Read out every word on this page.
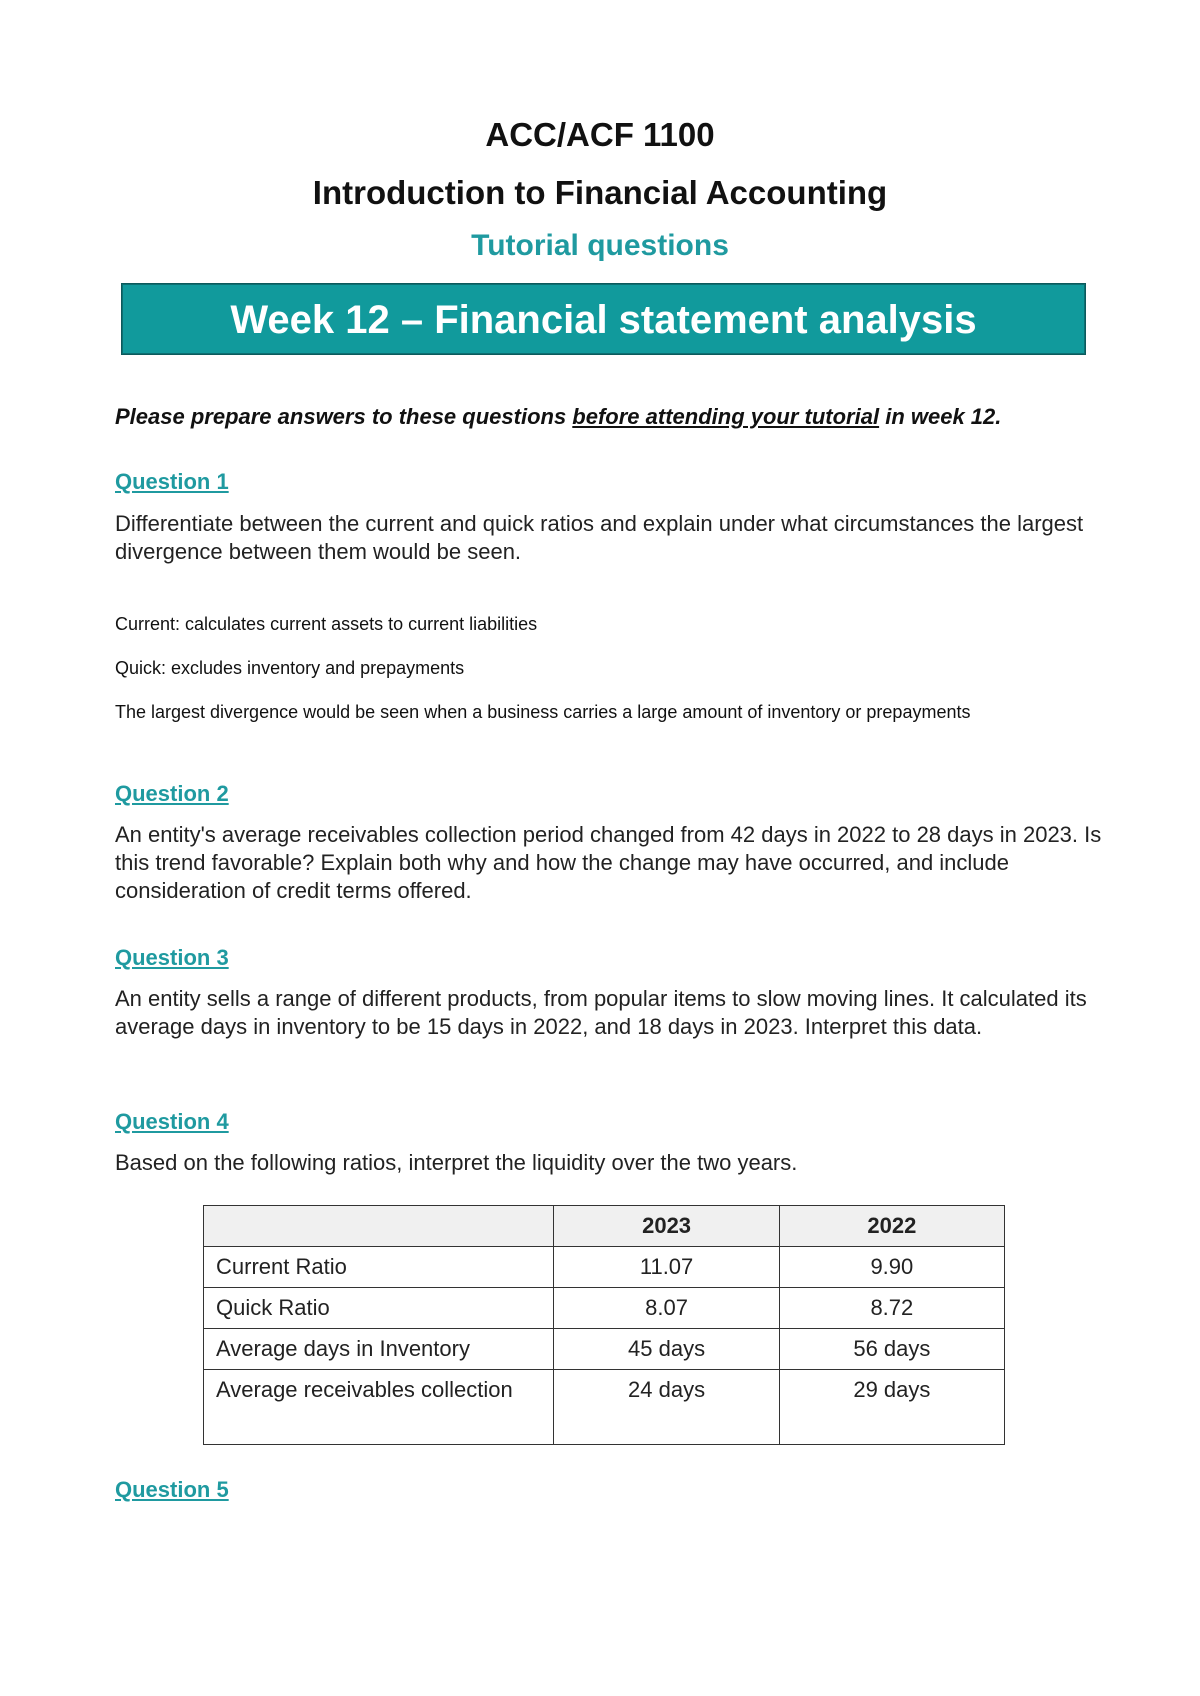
ACC/ACF 1100
Introduction to Financial Accounting
Tutorial questions
Week 12 – Financial statement analysis
Please prepare answers to these questions before attending your tutorial in week 12.
Question 1
Differentiate between the current and quick ratios and explain under what circumstances the largest divergence between them would be seen.
Current: calculates current assets to current liabilities
Quick: excludes inventory and prepayments
The largest divergence would be seen when a business carries a large amount of inventory or prepayments
Question 2
An entity's average receivables collection period changed from 42 days in 2022 to 28 days in 2023. Is this trend favorable? Explain both why and how the change may have occurred, and include consideration of credit terms offered.
Question 3
An entity sells a range of different products, from popular items to slow moving lines. It calculated its average days in inventory to be 15 days in 2022, and 18 days in 2023. Interpret this data.
Question 4
Based on the following ratios, interpret the liquidity over the two years.
	2023	2022
Current Ratio	11.07	9.90
Quick Ratio	8.07	8.72
Average days in Inventory	45 days	56 days
Average receivables collection	24 days	29 days
Question 5
